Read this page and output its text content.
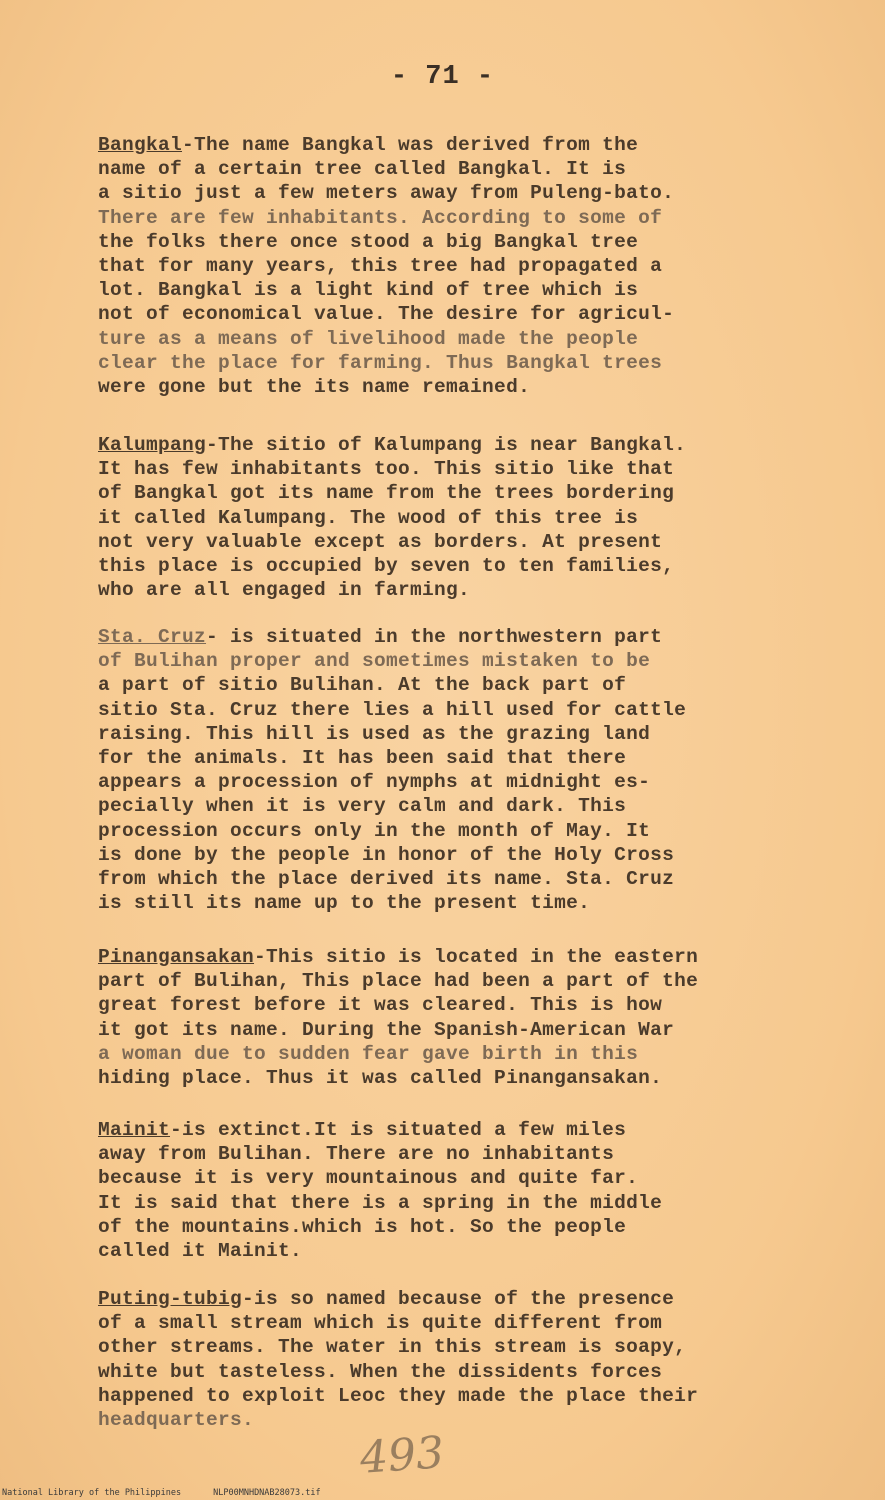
- 71 -
Bangkal-The name Bangkal was derived from the
name of a certain tree called Bangkal. It is
a sitio just a few meters away from Puleng-bato.
There are few inhabitants. According to some of
the folks there once stood a big Bangkal tree
that for many years, this tree had propagated a
lot. Bangkal is a light kind of tree which is
not of economical value. The desire for agricul-
ture as a means of livelihood made the people
clear the place for farming. Thus Bangkal trees
were gone but the its name remained.
Kalumpang-The sitio of Kalumpang is near Bangkal.
It has few inhabitants too. This sitio like that
of Bangkal got its name from the trees bordering
it called Kalumpang. The wood of this tree is
not very valuable except as borders. At present
this place is occupied by seven to ten families,
who are all engaged in farming.
Sta. Cruz- is situated in the northwestern part
of Bulihan proper and sometimes mistaken to be
a part of sitio Bulihan. At the back part of
sitio Sta. Cruz there lies a hill used for cattle
raising. This hill is used as the grazing land
for the animals. It has been said that there
appears a procession of nymphs at midnight es-
pecially when it is very calm and dark. This
procession occurs only in the month of May. It
is done by the people in honor of the Holy Cross
from which the place derived its name. Sta. Cruz
is still its name up to the present time.
Pinangansakan-This sitio is located in the eastern
part of Bulihan, This place had been a part of the
great forest before it was cleared. This is how
it got its name. During the Spanish-American War
a woman due to sudden fear gave birth in this
hiding place. Thus it was called Pinangansakan.
Mainit-is extinct.It is situated a few miles
away from Bulihan. There are no inhabitants
because it is very mountainous and quite far.
It is said that there is a spring in the middle
of the mountains.which is hot. So the people
called it Mainit.
Puting-tubig-is so named because of the presence
of a small stream which is quite different from
other streams. The water in this stream is soapy,
white but tasteless. When the dissidents forces
happened to exploit Leoc they made the place their
headquarters.
493
National Library of the Philippines	NLP00MNHDNAB28073.tif
